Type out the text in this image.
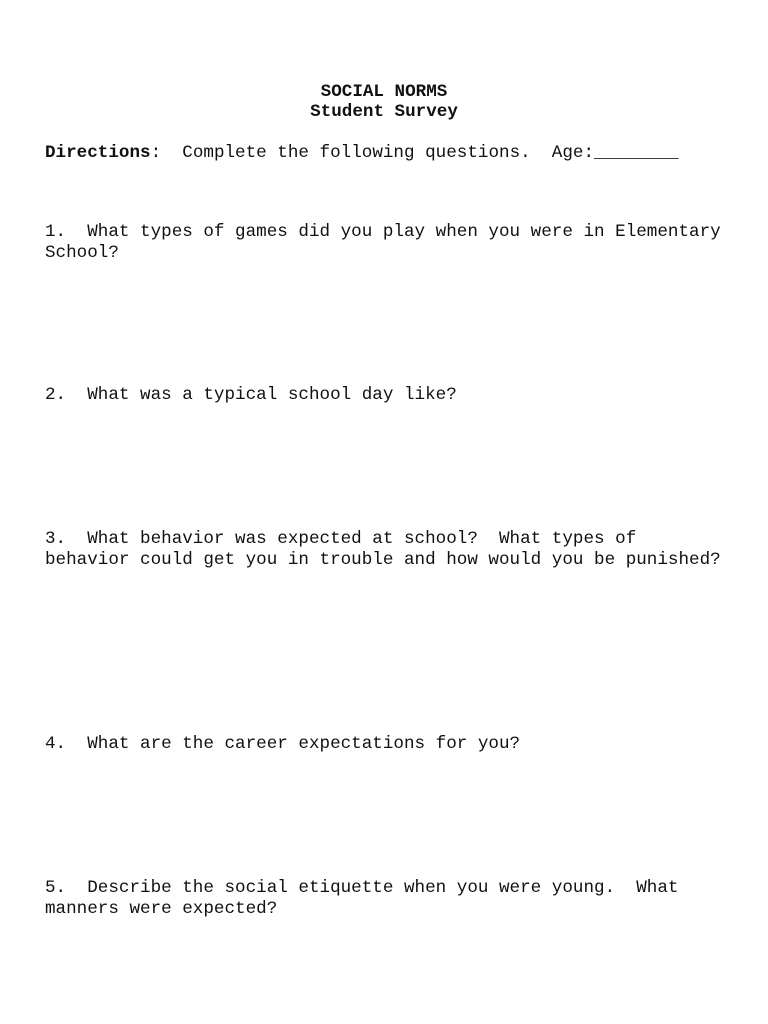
SOCIAL NORMS
Student Survey
Directions:  Complete the following questions.  Age:________
1.  What types of games did you play when you were in Elementary
School?
2.  What was a typical school day like?
3.  What behavior was expected at school?  What types of
behavior could get you in trouble and how would you be punished?
4.  What are the career expectations for you?
5.  Describe the social etiquette when you were young.  What
manners were expected?
